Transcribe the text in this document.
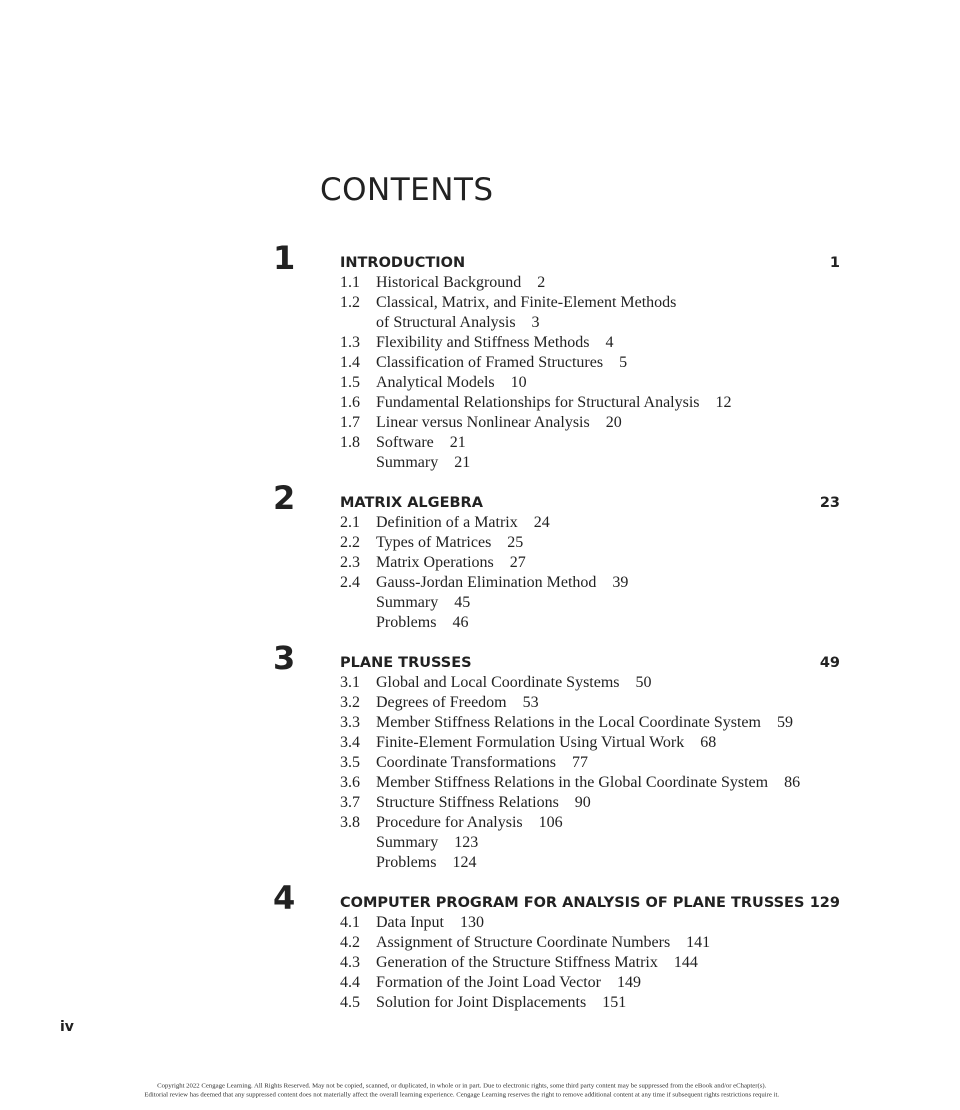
CONTENTS
1	INTRODUCTION	1
1.1 Historical Background 2
1.2 Classical, Matrix, and Finite-Element Methods
of Structural Analysis 3
1.3 Flexibility and Stiffness Methods 4
1.4 Classification of Framed Structures 5
1.5 Analytical Models 10
1.6 Fundamental Relationships for Structural Analysis 12
1.7 Linear versus Nonlinear Analysis 20
1.8 Software 21
Summary 21
2	MATRIX ALGEBRA	23
2.1 Definition of a Matrix 24
2.2 Types of Matrices 25
2.3 Matrix Operations 27
2.4 Gauss-Jordan Elimination Method 39
Summary 45
Problems 46
3	PLANE TRUSSES	49
3.1 Global and Local Coordinate Systems 50
3.2 Degrees of Freedom 53
3.3 Member Stiffness Relations in the Local Coordinate System 59
3.4 Finite-Element Formulation Using Virtual Work 68
3.5 Coordinate Transformations 77
3.6 Member Stiffness Relations in the Global Coordinate System 86
3.7 Structure Stiffness Relations 90
3.8 Procedure for Analysis 106
Summary 123
Problems 124
4	COMPUTER PROGRAM FOR ANALYSIS OF PLANE TRUSSES 129
4.1 Data Input 130
4.2 Assignment of Structure Coordinate Numbers 141
4.3 Generation of the Structure Stiffness Matrix 144
4.4 Formation of the Joint Load Vector 149
4.5 Solution for Joint Displacements 151
iv
Copyright 2022 Cengage Learning. All Rights Reserved. May not be copied, scanned, or duplicated, in whole or in part. Due to electronic rights, some third party content may be suppressed from the eBook and/or eChapter(s).
Editorial review has deemed that any suppressed content does not materially affect the overall learning experience. Cengage Learning reserves the right to remove additional content at any time if subsequent rights restrictions require it.
